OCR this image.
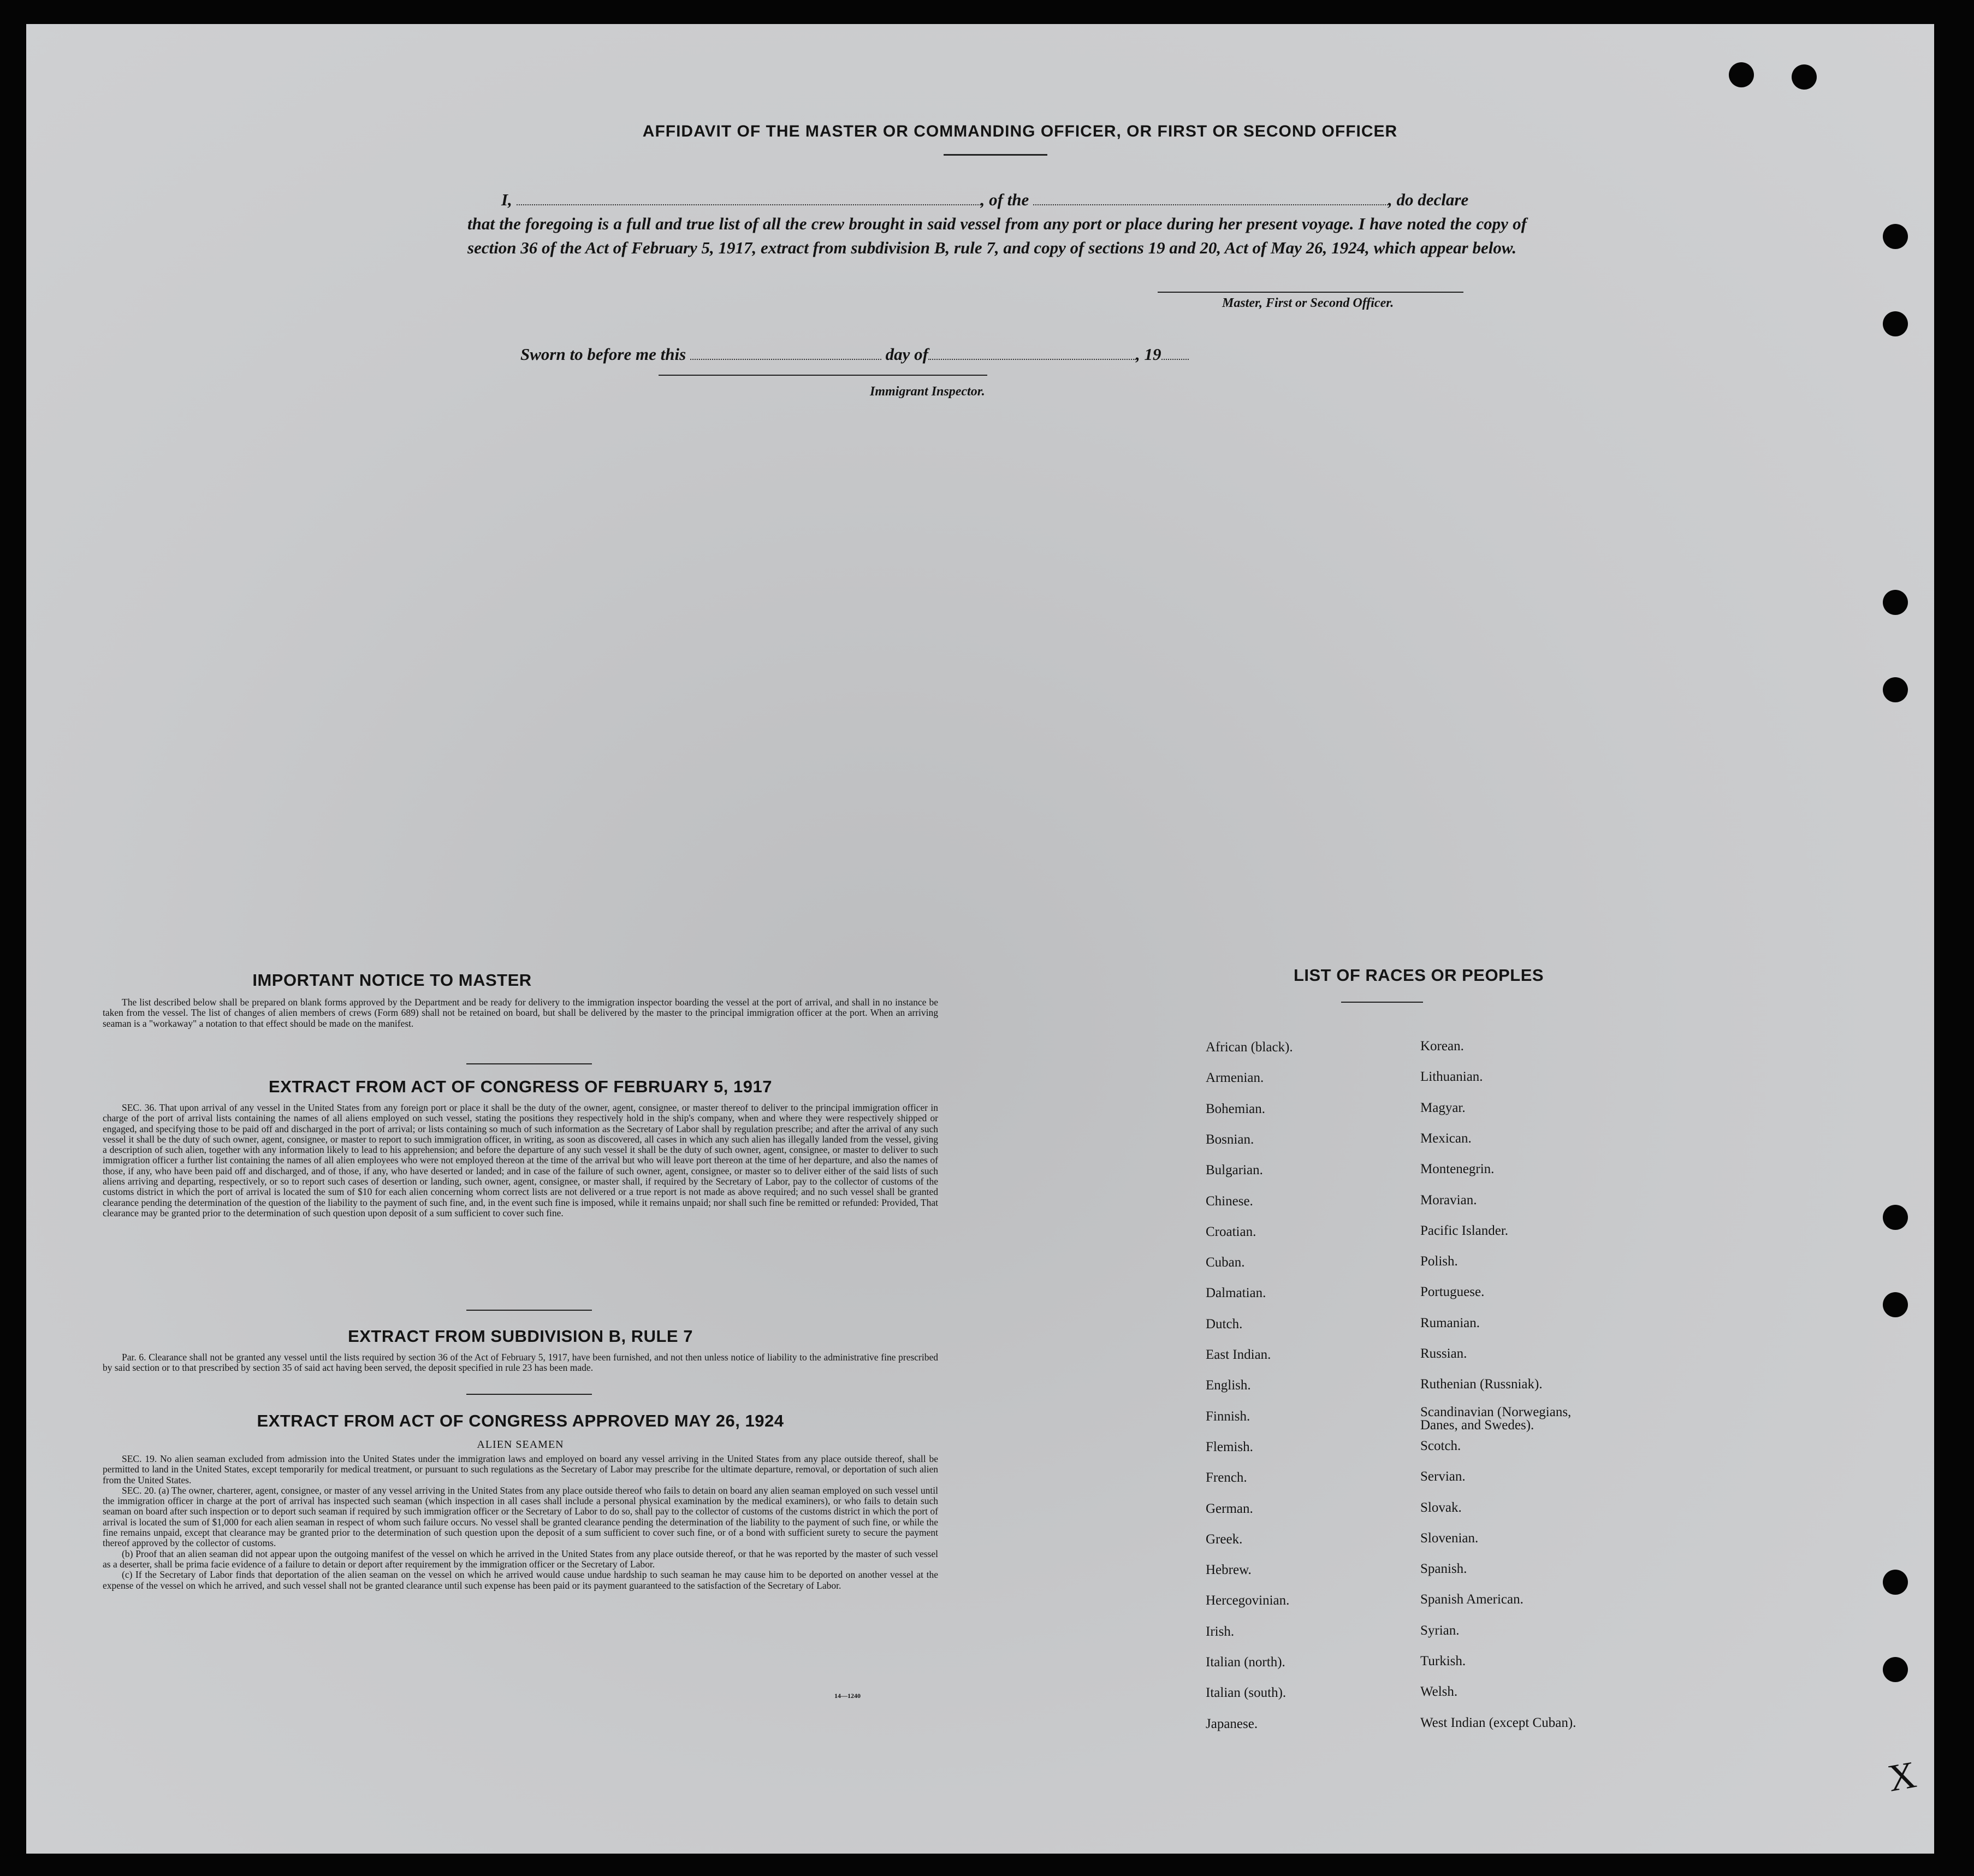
AFFIDAVIT OF THE MASTER OR COMMANDING OFFICER, OR FIRST OR SECOND OFFICER
I,	, of the	, do declare
that the foregoing is a full and true list of all the crew brought in said vessel from any port or place during her present voyage. I have noted the copy of section 36 of the Act of February 5, 1917, extract from subdivision B, rule 7, and copy of sections 19 and 20, Act of May 26, 1924, which appear below.
Master, First or Second Officer.
Sworn to before me this	day of	, 19
Immigrant Inspector.
IMPORTANT NOTICE TO MASTER

The list described below shall be prepared on blank forms approved by the Department and be ready for delivery to the immigration inspector boarding the vessel at the port of arrival, and shall in no instance be taken from the vessel. The list of changes of alien members of crews (Form 689) shall not be retained on board, but shall be delivered by the master to the principal immigration officer at the port. When an arriving seaman is a "workaway" a notation to that effect should be made on the manifest.

EXTRACT FROM ACT OF CONGRESS OF FEBRUARY 5, 1917

SEC. 36. That upon arrival of any vessel in the United States from any foreign port or place it shall be the duty of the owner, agent, consignee, or master thereof to deliver to the principal immigration officer in charge of the port of arrival lists containing the names of all aliens employed on such vessel, stating the positions they respectively hold in the ship's company, when and where they were respectively shipped or engaged, and specifying those to be paid off and discharged in the port of arrival; or lists containing so much of such information as the Secretary of Labor shall by regulation prescribe; and after the arrival of any such vessel it shall be the duty of such owner, agent, consignee, or master to report to such immigration officer, in writing, as soon as discovered, all cases in which any such alien has illegally landed from the vessel, giving a description of such alien, together with any information likely to lead to his apprehension; and before the departure of any such vessel it shall be the duty of such owner, agent, consignee, or master to deliver to such immigration officer a further list containing the names of all alien employees who were not employed thereon at the time of the arrival but who will leave port thereon at the time of her departure, and also the names of those, if any, who have been paid off and discharged, and of those, if any, who have deserted or landed; and in case of the failure of such owner, agent, consignee, or master so to deliver either of the said lists of such aliens arriving and departing, respectively, or so to report such cases of desertion or landing, such owner, agent, consignee, or master shall, if required by the Secretary of Labor, pay to the collector of customs of the customs district in which the port of arrival is located the sum of $10 for each alien concerning whom correct lists are not delivered or a true report is not made as above required; and no such vessel shall be granted clearance pending the determination of the question of the liability to the payment of such fine, and, in the event such fine is imposed, while it remains unpaid; nor shall such fine be remitted or refunded: Provided, That clearance may be granted prior to the determination of such question upon deposit of a sum sufficient to cover such fine.

EXTRACT FROM SUBDIVISION B, RULE 7

Par. 6. Clearance shall not be granted any vessel until the lists required by section 36 of the Act of February 5, 1917, have been furnished, and not then unless notice of liability to the administrative fine prescribed by said section or to that prescribed by section 35 of said act having been served, the deposit specified in rule 23 has been made.

EXTRACT FROM ACT OF CONGRESS APPROVED MAY 26, 1924
ALIEN SEAMEN

SEC. 19. No alien seaman excluded from admission into the United States under the immigration laws and employed on board any vessel arriving in the United States from any place outside thereof, shall be permitted to land in the United States, except temporarily for medical treatment, or pursuant to such regulations as the Secretary of Labor may prescribe for the ultimate departure, removal, or deportation of such alien from the United States.

SEC. 20. (a) The owner, charterer, agent, consignee, or master of any vessel arriving in the United States from any place outside thereof who fails to detain on board any alien seaman employed on such vessel until the immigration officer in charge at the port of arrival has inspected such seaman (which inspection in all cases shall include a personal physical examination by the medical examiners), or who fails to detain such seaman on board after such inspection or to deport such seaman if required by such immigration officer or the Secretary of Labor to do so, shall pay to the collector of customs of the customs district in which the port of arrival is located the sum of $1,000 for each alien seaman in respect of whom such failure occurs. No vessel shall be granted clearance pending the determination of the liability to the payment of such fine, or while the fine remains unpaid, except that clearance may be granted prior to the determination of such question upon the deposit of a sum sufficient to cover such fine, or of a bond with sufficient surety to secure the payment thereof approved by the collector of customs.

(b) Proof that an alien seaman did not appear upon the outgoing manifest of the vessel on which he arrived in the United States from any place outside thereof, or that he was reported by the master of such vessel as a deserter, shall be prima facie evidence of a failure to detain or deport after requirement by the immigration officer or the Secretary of Labor.

(c) If the Secretary of Labor finds that deportation of the alien seaman on the vessel on which he arrived would cause undue hardship to such seaman he may cause him to be deported on another vessel at the expense of the vessel on which he arrived, and such vessel shall not be granted clearance until such expense has been paid or its payment guaranteed to the satisfaction of the Secretary of Labor.

14—1240
LIST OF RACES OR PEOPLES
African (black).	Korean.
Armenian.	Lithuanian.
Bohemian.	Magyar.
Bosnian.	Mexican.
Bulgarian.	Montenegrin.
Chinese.	Moravian.
Croatian.	Pacific Islander.
Cuban.	Polish.
Dalmatian.	Portuguese.
Dutch.	Rumanian.
East Indian.	Russian.
English.	Ruthenian (Russniak).
Finnish.	Scandinavian (Norwegians, Danes, and Swedes).
Flemish.	Scotch.
French.	Servian.
German.	Slovak.
Greek.	Slovenian.
Hebrew.	Spanish.
Hercegovinian.	Spanish American.
Irish.	Syrian.
Italian (north).	Turkish.
Italian (south).	Welsh.
Japanese.	West Indian (except Cuban).
X
